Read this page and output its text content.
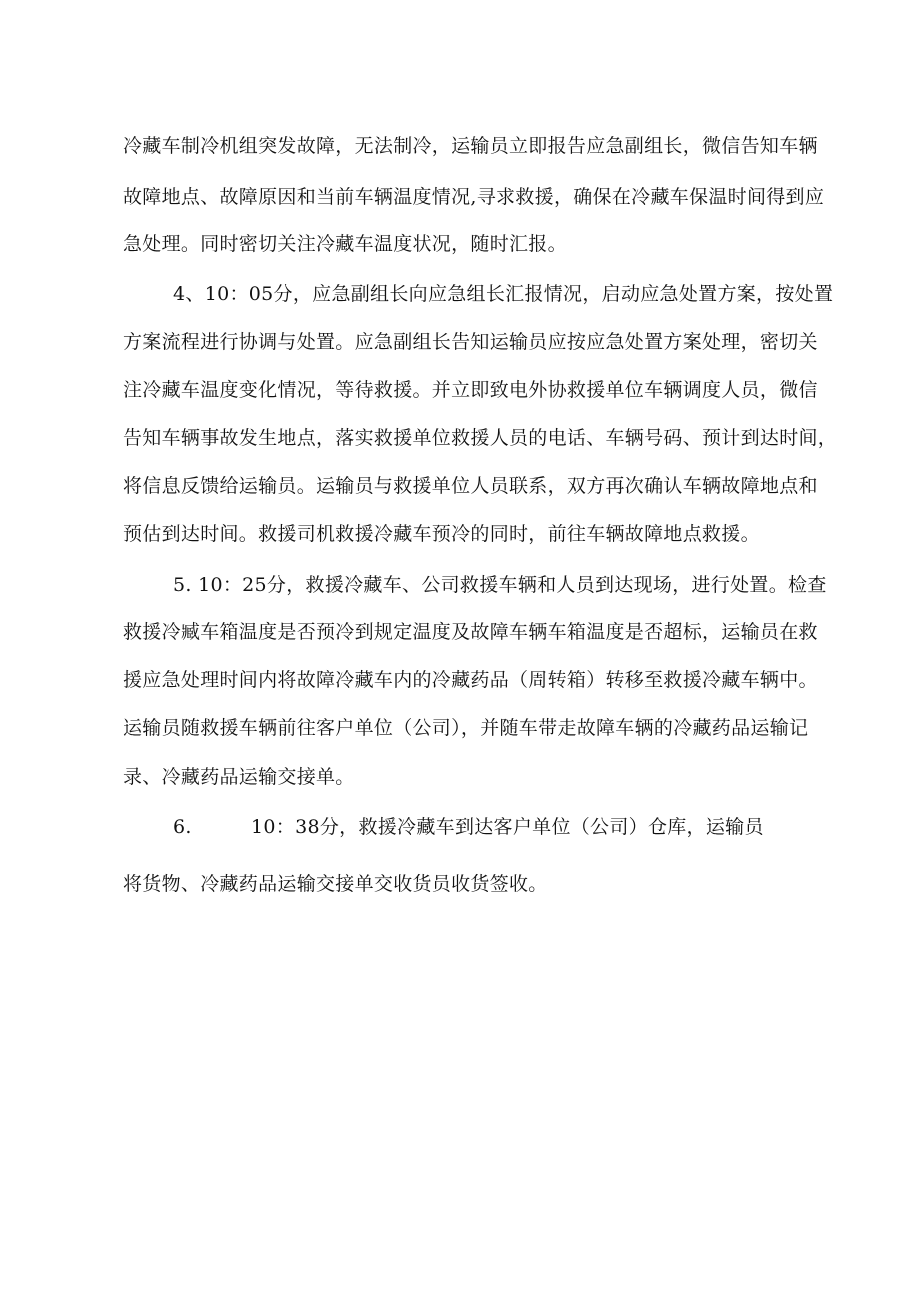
冷藏车制冷机组突发故障，无法制冷，运输员立即报告应急副组长，微信告知车辆
故障地点、故障原因和当前车辆温度情况,寻求救援，确保在冷藏车保温时间得到应
急处理。同时密切关注冷藏车温度状况，随时汇报。
4、10：05分，应急副组长向应急组长汇报情况，启动应急处置方案，按处置
方案流程进行协调与处置。应急副组长告知运输员应按应急处置方案处理，密切关
注冷藏车温度变化情况，等待救援。并立即致电外协救援单位车辆调度人员，微信
告知车辆事故发生地点，落实救援单位救援人员的电话、车辆号码、预计到达时间，
将信息反馈给运输员。运输员与救援单位人员联系，双方再次确认车辆故障地点和
预估到达时间。救援司机救援冷藏车预冷的同时，前往车辆故障地点救援。
5. 10：25分，救援冷藏车、公司救援车辆和人员到达现场，进行处置。检查
救援冷臧车箱温度是否预冷到规定温度及故障车辆车箱温度是否超标，运输员在救
援应急处理时间内将故障冷藏车内的冷藏药品（周转箱）转移至救援冷藏车辆中。
运输员随救援车辆前往客户单位（公司），并随车带走故障车辆的冷藏药品运输记
录、冷藏药品运输交接单。
6.	10：38分，救援冷藏车到达客户单位（公司）仓库，运输员
将货物、冷藏药品运输交接单交收货员收货签收。
